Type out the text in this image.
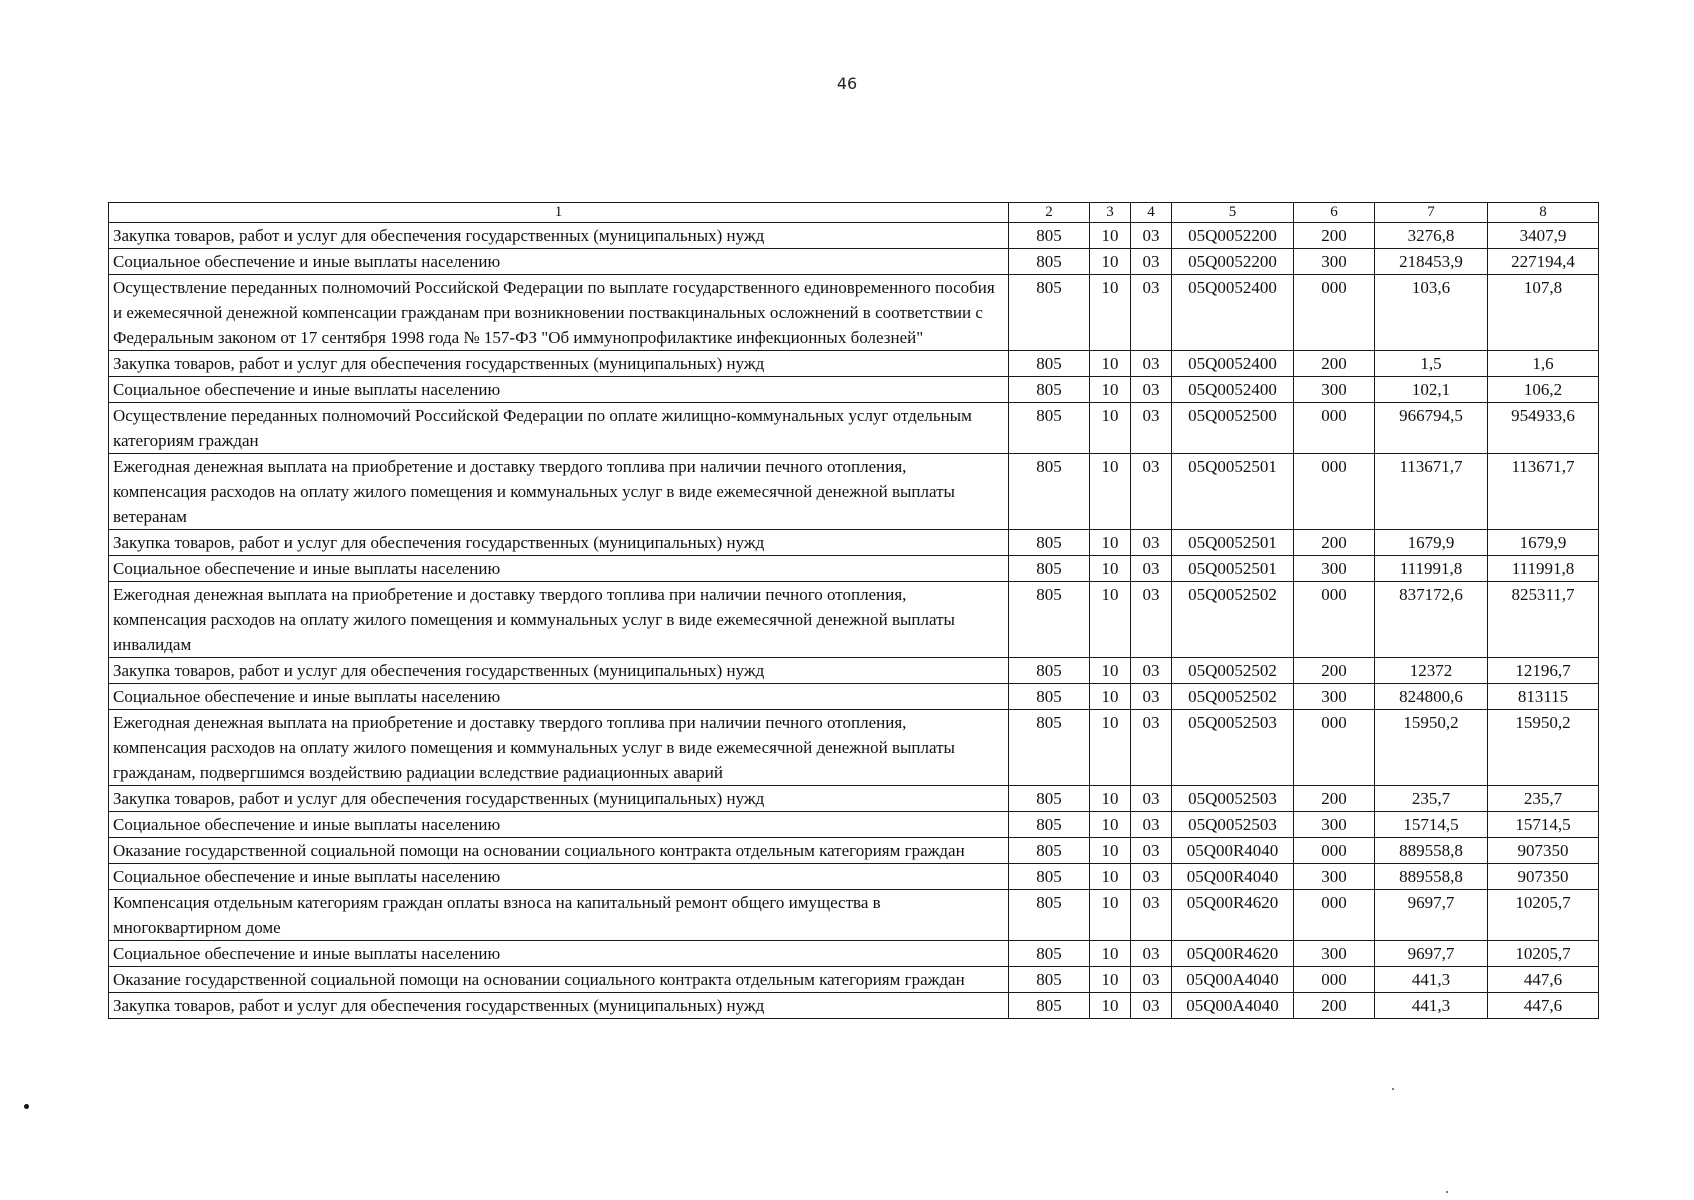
46
1	2	3	4	5	6	7	8
Закупка товаров, работ и услуг для обеспечения государственных (муниципальных) нужд	805	10	03	05Q0052200	200	3276,8	3407,9
Социальное обеспечение и иные выплаты населению	805	10	03	05Q0052200	300	218453,9	227194,4
Осуществление переданных полномочий Российской Федерации по выплате государственного единовременного пособия и ежемесячной денежной компенсации гражданам при возникновении поствакцинальных осложнений в соответствии с Федеральным законом от 17 сентября 1998 года № 157-ФЗ "Об иммунопрофилактике инфекционных болезней"	805	10	03	05Q0052400	000	103,6	107,8
Закупка товаров, работ и услуг для обеспечения государственных (муниципальных) нужд	805	10	03	05Q0052400	200	1,5	1,6
Социальное обеспечение и иные выплаты населению	805	10	03	05Q0052400	300	102,1	106,2
Осуществление переданных полномочий Российской Федерации по оплате жилищно-коммунальных услуг отдельным категориям граждан	805	10	03	05Q0052500	000	966794,5	954933,6
Ежегодная денежная выплата на приобретение и доставку твердого топлива при наличии печного отопления, компенсация расходов на оплату жилого помещения и коммунальных услуг в виде ежемесячной денежной выплаты ветеранам	805	10	03	05Q0052501	000	113671,7	113671,7
Закупка товаров, работ и услуг для обеспечения государственных (муниципальных) нужд	805	10	03	05Q0052501	200	1679,9	1679,9
Социальное обеспечение и иные выплаты населению	805	10	03	05Q0052501	300	111991,8	111991,8
Ежегодная денежная выплата на приобретение и доставку твердого топлива при наличии печного отопления, компенсация расходов на оплату жилого помещения и коммунальных услуг в виде ежемесячной денежной выплаты инвалидам	805	10	03	05Q0052502	000	837172,6	825311,7
Закупка товаров, работ и услуг для обеспечения государственных (муниципальных) нужд	805	10	03	05Q0052502	200	12372	12196,7
Социальное обеспечение и иные выплаты населению	805	10	03	05Q0052502	300	824800,6	813115
Ежегодная денежная выплата на приобретение и доставку твердого топлива при наличии печного отопления, компенсация расходов на оплату жилого помещения и коммунальных услуг в виде ежемесячной денежной выплаты гражданам, подвергшимся воздействию радиации вследствие радиационных аварий	805	10	03	05Q0052503	000	15950,2	15950,2
Закупка товаров, работ и услуг для обеспечения государственных (муниципальных) нужд	805	10	03	05Q0052503	200	235,7	235,7
Социальное обеспечение и иные выплаты населению	805	10	03	05Q0052503	300	15714,5	15714,5
Оказание государственной социальной помощи на основании социального контракта отдельным категориям граждан	805	10	03	05Q00R4040	000	889558,8	907350
Социальное обеспечение и иные выплаты населению	805	10	03	05Q00R4040	300	889558,8	907350
Компенсация отдельным категориям граждан оплаты взноса на капитальный ремонт общего имущества в многоквартирном доме	805	10	03	05Q00R4620	000	9697,7	10205,7
Социальное обеспечение и иные выплаты населению	805	10	03	05Q00R4620	300	9697,7	10205,7
Оказание государственной социальной помощи на основании социального контракта отдельным категориям граждан	805	10	03	05Q00A4040	000	441,3	447,6
Закупка товаров, работ и услуг для обеспечения государственных (муниципальных) нужд	805	10	03	05Q00A4040	200	441,3	447,6
